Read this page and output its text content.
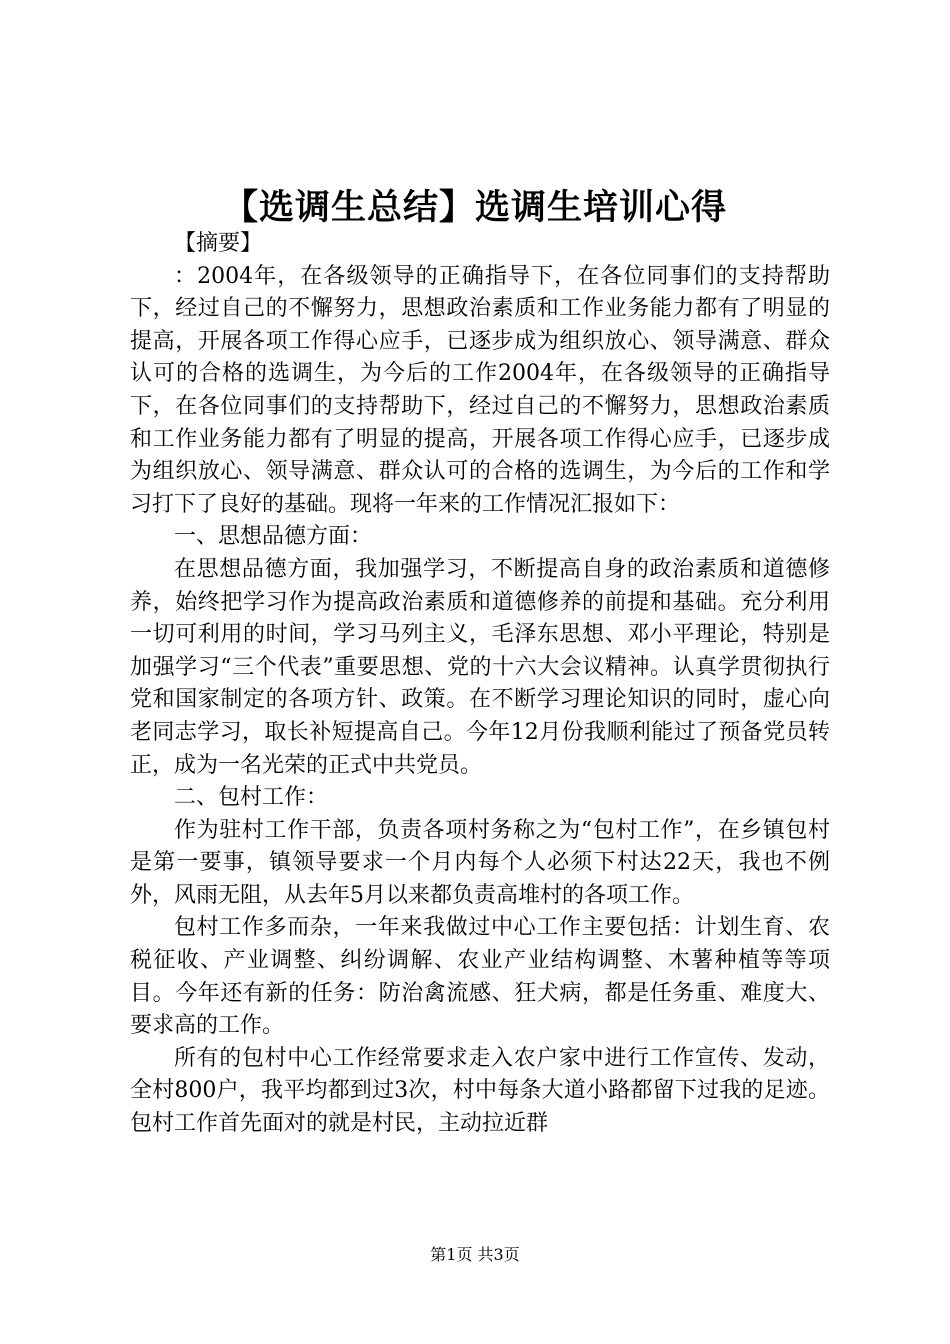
【选调生总结】选调生培训心得

【摘要】

：2004年，在各级领导的正确指导下，在各位同事们的支持帮助下，经过自己的不懈努力，思想政治素质和工作业务能力都有了明显的提高，开展各项工作得心应手，已逐步成为组织放心、领导满意、群众认可的合格的选调生，为今后的工作2004年，在各级领导的正确指导下，在各位同事们的支持帮助下，经过自己的不懈努力，思想政治素质和工作业务能力都有了明显的提高，开展各项工作得心应手，已逐步成为组织放心、领导满意、群众认可的合格的选调生，为今后的工作和学习打下了良好的基础。现将一年来的工作情况汇报如下：

一、思想品德方面：

在思想品德方面，我加强学习，不断提高自身的政治素质和道德修养，始终把学习作为提高政治素质和道德修养的前提和基础。充分利用一切可利用的时间，学习马列主义，毛泽东思想、邓小平理论，特别是加强学习“三个代表”重要思想、党的十六大会议精神。认真学贯彻执行党和国家制定的各项方针、政策。在不断学习理论知识的同时，虚心向老同志学习，取长补短提高自己。今年12月份我顺利能过了预备党员转正，成为一名光荣的正式中共党员。

二、包村工作：

作为驻村工作干部，负责各项村务称之为“包村工作”，在乡镇包村是第一要事，镇领导要求一个月内每个人必须下村达22天，我也不例外，风雨无阻，从去年5月以来都负责高堆村的各项工作。

包村工作多而杂，一年来我做过中心工作主要包括：计划生育、农税征收、产业调整、纠纷调解、农业产业结构调整、木薯种植等等项目。今年还有新的任务：防治禽流感、狂犬病，都是任务重、难度大、要求高的工作。

所有的包村中心工作经常要求走入农户家中进行工作宣传、发动，全村800户，我平均都到过3次，村中每条大道小路都留下过我的足迹。包村工作首先面对的就是村民，主动拉近群

第1页 共3页
